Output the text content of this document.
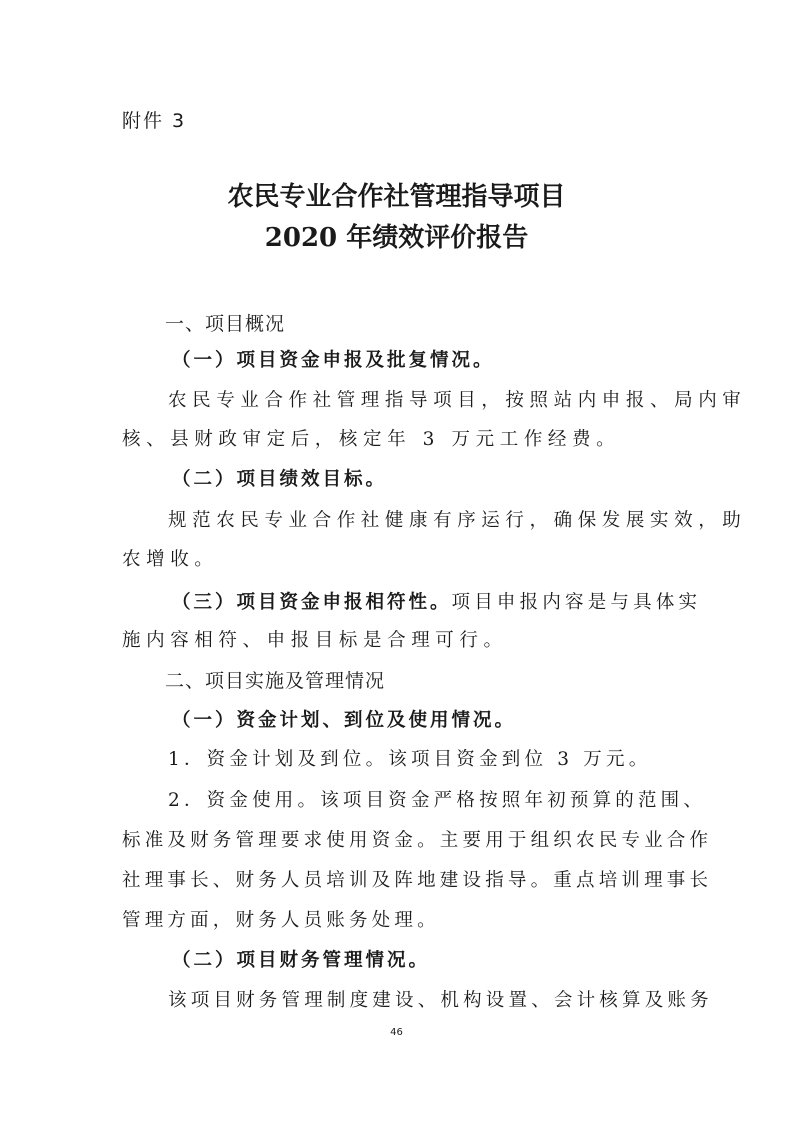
附件 3
农民专业合作社管理指导项目
2020 年绩效评价报告
一、项目概况
（一）项目资金申报及批复情况。
农民专业合作社管理指导项目，按照站内申报、局内审
核、县财政审定后，核定年 3 万元工作经费。
（二）项目绩效目标。
规范农民专业合作社健康有序运行，确保发展实效，助
农增收。
（三）项目资金申报相符性。项目申报内容是与具体实
施内容相符、申报目标是合理可行。
二、项目实施及管理情况
（一）资金计划、到位及使用情况。
1．资金计划及到位。该项目资金到位 3 万元。
2．资金使用。该项目资金严格按照年初预算的范围、
标准及财务管理要求使用资金。主要用于组织农民专业合作
社理事长、财务人员培训及阵地建设指导。重点培训理事长
管理方面，财务人员账务处理。
（二）项目财务管理情况。
该项目财务管理制度建设、机构设置、会计核算及账务
46
